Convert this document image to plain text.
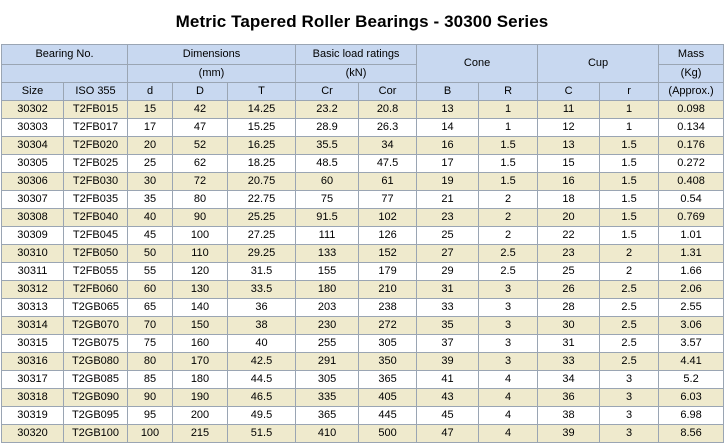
Metric Tapered Roller Bearings - 30300 Series
Bearing No.		Dimensions			Basic load ratings		Cone		Cup		Mass
		(mm)			(kN)						(Kg)
Size	ISO 355	d	D	T	Cr	Cor	B	R	C	r	(Approx.)
30302	T2FB015	15	42	14.25	23.2	20.8	13	1	11	1	0.098
30303	T2FB017	17	47	15.25	28.9	26.3	14	1	12	1	0.134
30304	T2FB020	20	52	16.25	35.5	34	16	1.5	13	1.5	0.176
30305	T2FB025	25	62	18.25	48.5	47.5	17	1.5	15	1.5	0.272
30306	T2FB030	30	72	20.75	60	61	19	1.5	16	1.5	0.408
30307	T2FB035	35	80	22.75	75	77	21	2	18	1.5	0.54
30308	T2FB040	40	90	25.25	91.5	102	23	2	20	1.5	0.769
30309	T2FB045	45	100	27.25	111	126	25	2	22	1.5	1.01
30310	T2FB050	50	110	29.25	133	152	27	2.5	23	2	1.31
30311	T2FB055	55	120	31.5	155	179	29	2.5	25	2	1.66
30312	T2FB060	60	130	33.5	180	210	31	3	26	2.5	2.06
30313	T2GB065	65	140	36	203	238	33	3	28	2.5	2.55
30314	T2GB070	70	150	38	230	272	35	3	30	2.5	3.06
30315	T2GB075	75	160	40	255	305	37	3	31	2.5	3.57
30316	T2GB080	80	170	42.5	291	350	39	3	33	2.5	4.41
30317	T2GB085	85	180	44.5	305	365	41	4	34	3	5.2
30318	T2GB090	90	190	46.5	335	405	43	4	36	3	6.03
30319	T2GB095	95	200	49.5	365	445	45	4	38	3	6.98
30320	T2GB100	100	215	51.5	410	500	47	4	39	3	8.56
